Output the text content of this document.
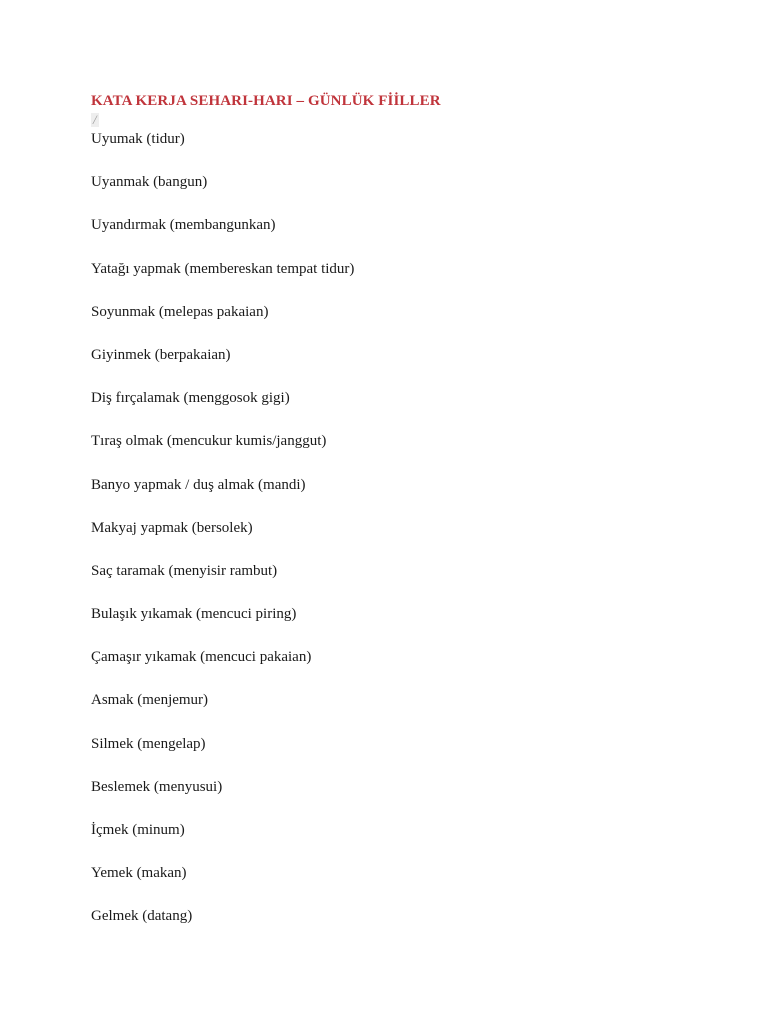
KATA KERJA SEHARI-HARI – GÜNLÜK FİİLLER
/
Uyumak (tidur)
Uyanmak (bangun)
Uyandırmak (membangunkan)
Yatağı yapmak (membereskan tempat tidur)
Soyunmak (melepas pakaian)
Giyinmek (berpakaian)
Diş fırçalamak (menggosok gigi)
Tıraş olmak (mencukur kumis/janggut)
Banyo yapmak / duş almak (mandi)
Makyaj yapmak (bersolek)
Saç taramak (menyisir rambut)
Bulaşık yıkamak (mencuci piring)
Çamaşır yıkamak (mencuci pakaian)
Asmak (menjemur)
Silmek (mengelap)
Beslemek (menyusui)
İçmek (minum)
Yemek (makan)
Gelmek (datang)
